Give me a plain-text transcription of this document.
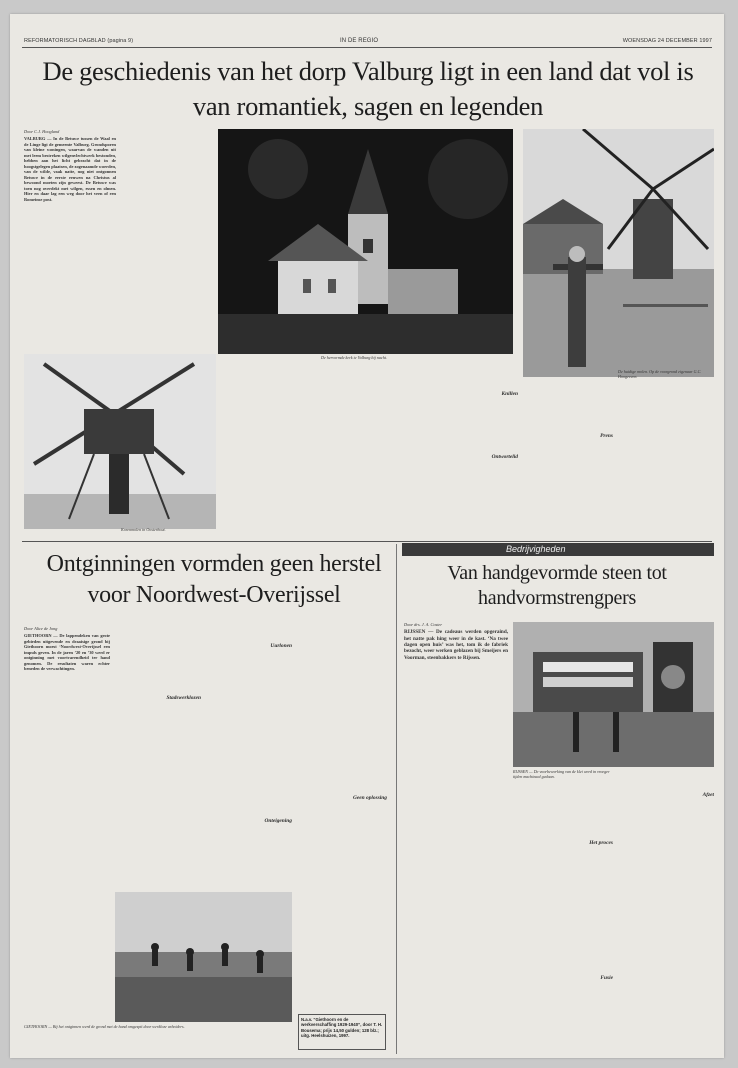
REFORMATORISCH DAGBLAD (pagina 9)	IN DE REGIO	WOENSDAG 24 DECEMBER 1997
De geschiedenis van het dorp Valburg ligt in een land dat vol is van romantiek, sagen en legenden
Door C.J. Hoogland

VALBURG — In de Betuwe tussen de Waal en de Linge ligt de gemeente Valburg. Grondsporen van kleine woningen, waarvan de wanden uit met leem bestreken wilgenvlechtwerk bestonden, hebben aan het licht gebracht dat in de hoogstgelegen plaatsen, de zogenaamde woerden, van de wilde, vaak natte, nog niet ontgonnen Betuwe in de eerste eeuwen na Christus al bewoond moeten zijn geweest. De Betuwe was toen nog overdekt met wilgen, essen en olmen. Hier en daar lag een weg door het veen of een Romeinse post.

Knillen
Ontwortelid
Prens
De hervormde kerk te Valburg bij nacht.
De huidige molen. Op de voorgrond eigenaar G.C. Hoogeveen.
Korenmolen in Oosterhout.
Ontginningen vormden geen herstel voor Noordwest-Overijssel
Door Alice de Jong

GIETHOORN — De lappendeken van grote gebieden uitgevende en draaisige grond bij Giethoorn moest ‘Noordwest-Overijssel een impuls geven. In de jaren ’20 en ’30 werd er ontginning met voortvarendheid ter hand genomen. De resultaten waren echter beneden de verwachtingen.

Stadswerklozen
Uurlonen
Onteigening
Geen oplossing
GIETHOORN — Bij het ontginnen werd de grond met de hand omgespit door werkloze arbeiders.
N.a.v. “Giethoorn en de werkverschaffing 1929-1940”, door T. H. Bousema; prijs 14,50 gulden; 128 blz.; uitg. Heelshuizen, 1997.
Bedrijvigheden
Van handgevormde steen tot handvormstrengpers
Door drs. J. A. Coster

RIJSSEN — De cadeaus werden opgeraind, het natte pak hing weer in de kast. ‘Na twee dagen open huis’ was het, tom ik de fabriek bezocht, weer werken geblazen bij Smeijers en Voorman, steenbakkers te Rijssen.

RIJSSEN — De voorbewerking van de klei werd in vroeger tijden machinaal gedaan.
Het proces
Fusie
Afzet
